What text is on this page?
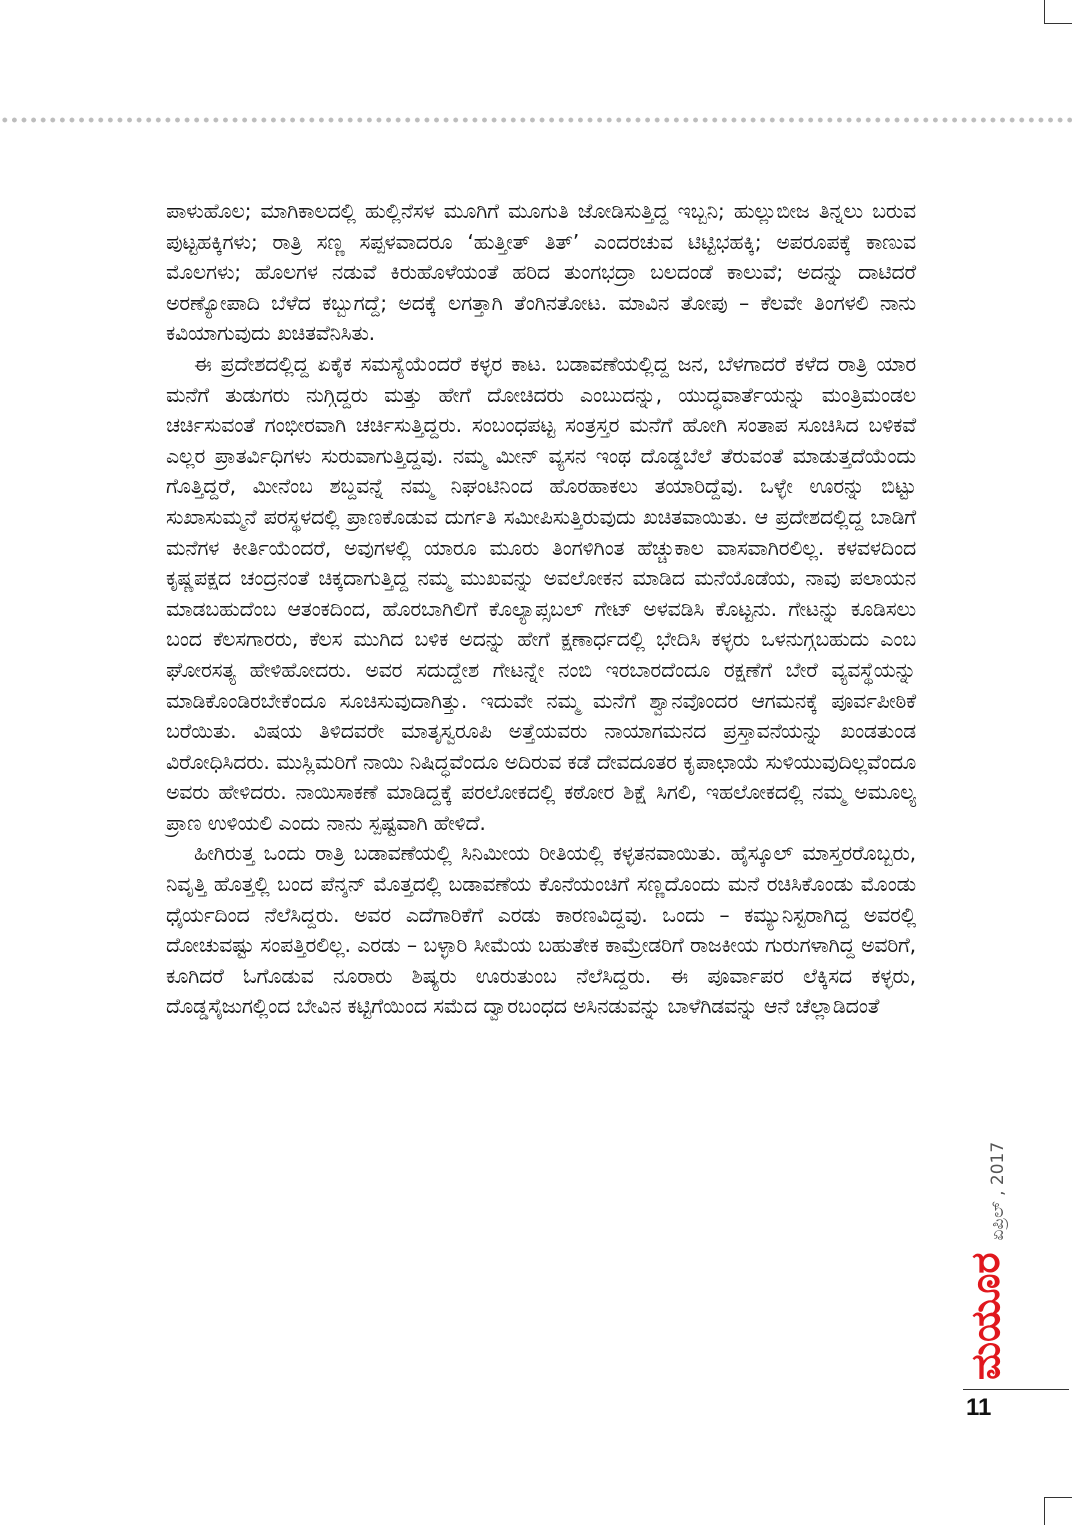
ಪಾಳುಹೊಲ; ಮಾಗಿಕಾಲದಲ್ಲಿ ಹುಲ್ಲಿನೆಸಳ ಮೂಗಿಗೆ ಮೂಗುತಿ ಜೋಡಿಸುತ್ತಿದ್ದ ಇಬ್ಬನಿ; ಹುಲ್ಲುಬೀಜ ತಿನ್ನಲು ಬರುವ ಪುಟ್ಟಹಕ್ಕಿಗಳು; ರಾತ್ರಿ ಸಣ್ಣ ಸಪ್ಪಳವಾದರೂ ‘ಹುತ್ತೀತ್ ತಿತ್’ ಎಂದರಚುವ ಟಿಟ್ಟಿಭಹಕ್ಕಿ; ಅಪರೂಪಕ್ಕೆ ಕಾಣುವ ಮೊಲಗಳು; ಹೊಲಗಳ ನಡುವೆ ಕಿರುಹೊಳೆಯಂತೆ ಹರಿದ ತುಂಗಭದ್ರಾ ಬಲದಂಡೆ ಕಾಲುವೆ; ಅದನ್ನು ದಾಟಿದರೆ ಅರಣ್ಯೋಪಾದಿ ಬೆಳೆದ ಕಬ್ಬುಗದ್ದೆ; ಅದಕ್ಕೆ ಲಗತ್ತಾಗಿ ತೆಂಗಿನತೋಟ. ಮಾವಿನ ತೋಪು – ಕೆಲವೇ ತಿಂಗಳಲಿ ನಾನು ಕವಿಯಾಗುವುದು ಖಚಿತವೆನಿಸಿತು.

ಈ ಪ್ರದೇಶದಲ್ಲಿದ್ದ ಏಕೈಕ ಸಮಸ್ಯೆಯೆಂದರೆ ಕಳ್ಳರ ಕಾಟ. ಬಡಾವಣೆಯಲ್ಲಿದ್ದ ಜನ, ಬೆಳಗಾದರೆ ಕಳೆದ ರಾತ್ರಿ ಯಾರ ಮನೆಗೆ ತುಡುಗರು ನುಗ್ಗಿದ್ದರು ಮತ್ತು ಹೇಗೆ ದೋಚಿದರು ಎಂಬುದನ್ನು, ಯುದ್ಧವಾರ್ತೆಯನ್ನು ಮಂತ್ರಿಮಂಡಲ ಚರ್ಚಿಸುವಂತೆ ಗಂಭೀರವಾಗಿ ಚರ್ಚಿಸುತ್ತಿದ್ದರು. ಸಂಬಂಧಪಟ್ಟ ಸಂತ್ರಸ್ತರ ಮನೆಗೆ ಹೋಗಿ ಸಂತಾಪ ಸೂಚಿಸಿದ ಬಳಿಕವೆ ಎಲ್ಲರ ಪ್ರಾತರ್ವಿಧಿಗಳು ಸುರುವಾಗುತ್ತಿದ್ದವು. ನಮ್ಮ ಮೀನ್ ವ್ಯಸನ ಇಂಥ ದೊಡ್ಡಬೆಲೆ ತೆರುವಂತೆ ಮಾಡುತ್ತದೆಯೆಂದು ಗೊತ್ತಿದ್ದರೆ, ಮೀನೆಂಬ ಶಬ್ದವನ್ನೆ ನಮ್ಮ ನಿಘಂಟಿನಿಂದ ಹೊರಹಾಕಲು ತಯಾರಿದ್ದೆವು. ಒಳ್ಳೇ ಊರನ್ನು ಬಿಟ್ಟು ಸುಖಾಸುಮ್ಮನೆ ಪರಸ್ಥಳದಲ್ಲಿ ಪ್ರಾಣಕೊಡುವ ದುರ್ಗತಿ ಸಮೀಪಿಸುತ್ತಿರುವುದು ಖಚಿತವಾಯಿತು. ಆ ಪ್ರದೇಶದಲ್ಲಿದ್ದ ಬಾಡಿಗೆ ಮನೆಗಳ ಕೀರ್ತಿಯೆಂದರೆ, ಅವುಗಳಲ್ಲಿ ಯಾರೂ ಮೂರು ತಿಂಗಳಿಗಿಂತ ಹೆಚ್ಚುಕಾಲ ವಾಸವಾಗಿರಲಿಲ್ಲ. ಕಳವಳದಿಂದ ಕೃಷ್ಣಪಕ್ಷದ ಚಂದ್ರನಂತೆ ಚಿಕ್ಕದಾಗುತ್ತಿದ್ದ ನಮ್ಮ ಮುಖವನ್ನು ಅವಲೋಕನ ಮಾಡಿದ ಮನೆಯೊಡೆಯ, ನಾವು ಪಲಾಯನ ಮಾಡಬಹುದೆಂಬ ಆತಂಕದಿಂದ, ಹೊರಬಾಗಿಲಿಗೆ ಕೊಲ್ಯಾಪ್ಸಬಲ್ ಗೇಟ್ ಅಳವಡಿಸಿ ಕೊಟ್ಟನು. ಗೇಟನ್ನು ಕೂಡಿಸಲು ಬಂದ ಕೆಲಸಗಾರರು, ಕೆಲಸ ಮುಗಿದ ಬಳಿಕ ಅದನ್ನು ಹೇಗೆ ಕ್ಷಣಾರ್ಧದಲ್ಲಿ ಭೇದಿಸಿ ಕಳ್ಳರು ಒಳನುಗ್ಗಬಹುದು ಎಂಬ ಘೋರಸತ್ಯ ಹೇಳಿಹೋದರು. ಅವರ ಸದುದ್ದೇಶ ಗೇಟನ್ನೇ ನಂಬಿ ಇರಬಾರದೆಂದೂ ರಕ್ಷಣೆಗೆ ಬೇರೆ ವ್ಯವಸ್ಥೆಯನ್ನು ಮಾಡಿಕೊಂಡಿರಬೇಕೆಂದೂ ಸೂಚಿಸುವುದಾಗಿತ್ತು. ಇದುವೇ ನಮ್ಮ ಮನೆಗೆ ಶ್ವಾನವೊಂದರ ಆಗಮನಕ್ಕೆ ಪೂರ್ವಪೀಠಿಕೆ ಬರೆಯಿತು. ವಿಷಯ ತಿಳಿದವರೇ ಮಾತೃಸ್ವರೂಪಿ ಅತ್ತೆಯವರು ನಾಯಾಗಮನದ ಪ್ರಸ್ತಾವನೆಯನ್ನು ಖಂಡತುಂಡ ವಿರೋಧಿಸಿದರು. ಮುಸ್ಲಿಮರಿಗೆ ನಾಯಿ ನಿಷಿದ್ಧವೆಂದೂ ಅದಿರುವ ಕಡೆ ದೇವದೂತರ ಕೃಪಾಛಾಯೆ ಸುಳಿಯುವುದಿಲ್ಲವೆಂದೂ ಅವರು ಹೇಳಿದರು. ನಾಯಿಸಾಕಣೆ ಮಾಡಿದ್ದಕ್ಕೆ ಪರಲೋಕದಲ್ಲಿ ಕಠೋರ ಶಿಕ್ಷೆ ಸಿಗಲಿ, ಇಹಲೋಕದಲ್ಲಿ ನಮ್ಮ ಅಮೂಲ್ಯ ಪ್ರಾಣ ಉಳಿಯಲಿ ಎಂದು ನಾನು ಸ್ಪಷ್ಟವಾಗಿ ಹೇಳಿದೆ.

ಹೀಗಿರುತ್ತ ಒಂದು ರಾತ್ರಿ ಬಡಾವಣೆಯಲ್ಲಿ ಸಿನಿಮೀಯ ರೀತಿಯಲ್ಲಿ ಕಳ್ಳತನವಾಯಿತು. ಹೈಸ್ಕೂಲ್ ಮಾಸ್ತರರೊಬ್ಬರು, ನಿವೃತ್ತಿ ಹೊತ್ತಲ್ಲಿ ಬಂದ ಪೆನ್ಶನ್ ಮೊತ್ತದಲ್ಲಿ ಬಡಾವಣೆಯ ಕೊನೆಯಂಚಿಗೆ ಸಣ್ಣದೊಂದು ಮನೆ ರಚಿಸಿಕೊಂಡು ಮೊಂಡು ಧೈರ್ಯದಿಂದ ನೆಲೆಸಿದ್ದರು. ಅವರ ಎದೆಗಾರಿಕೆಗೆ ಎರಡು ಕಾರಣವಿದ್ದವು. ಒಂದು – ಕಮ್ಯುನಿಸ್ಟರಾಗಿದ್ದ ಅವರಲ್ಲಿ ದೋಚುವಷ್ಟು ಸಂಪತ್ತಿರಲಿಲ್ಲ. ಎರಡು – ಬಳ್ಳಾರಿ ಸೀಮೆಯ ಬಹುತೇಕ ಕಾಮ್ರೇಡರಿಗೆ ರಾಜಕೀಯ ಗುರುಗಳಾಗಿದ್ದ ಅವರಿಗೆ, ಕೂಗಿದರೆ ಓಗೊಡುವ ನೂರಾರು ಶಿಷ್ಯರು ಊರುತುಂಬ ನೆಲೆಸಿದ್ದರು. ಈ ಪೂರ್ವಾಪರ ಲೆಕ್ಕಿಸದ ಕಳ್ಳರು, ದೊಡ್ಡಸೈಜುಗಲ್ಲಿಂದ ಬೇವಿನ ಕಟ್ಟಿಗೆಯಿಂದ ಸಮೆದ ದ್ವಾರಬಂಧದ ಅಸಿನಡುವನ್ನು ಬಾಳೆಗಿಡವನ್ನು ಆನೆ ಚೆಲ್ಲಾಡಿದಂತೆ

ಮಯೂರ
ಏಪ್ರಿಲ್ , 2017
11
